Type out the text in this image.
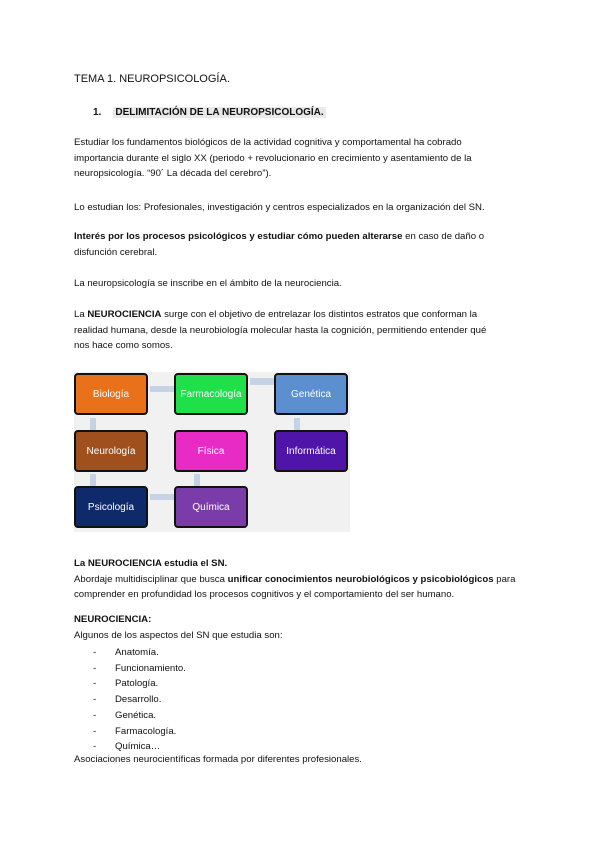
TEMA 1. NEUROPSICOLOGÍA.
1. DELIMITACIÓN DE LA NEUROPSICOLOGÍA.
Estudiar los fundamentos biológicos de la actividad cognitiva y comportamental ha cobrado
importancia durante el siglo XX (periodo + revolucionario en crecimiento y asentamiento de la
neuropsicología. “90´ La década del cerebro”).
Lo estudian los: Profesionales, investigación y centros especializados en la organización del SN.
Interés por los procesos psicológicos y estudiar cómo pueden alterarse en caso de daño o
disfunción cerebral.
La neuropsicología se inscribe en el ámbito de la neurociencia.
La NEUROCIENCIA surge con el objetivo de entrelazar los distintos estratos que conforman la
realidad humana, desde la neurobiología molecular hasta la cognición, permitiendo entender qué
nos hace como somos.
Biología	Farmacología	Genética
Neurología	Física	Informática
Psicología	Química
La NEUROCIENCIA estudia el SN.
Abordaje multidisciplinar que busca unificar conocimientos neurobiológicos y psicobiológicos para
comprender en profundidad los procesos cognitivos y el comportamiento del ser humano.
NEUROCIENCIA:
Algunos de los aspectos del SN que estudia son:
- Anatomía.
- Funcionamiento.
- Patología.
- Desarrollo.
- Genética.
- Farmacología.
- Química…
Asociaciones neurocientíficas formada por diferentes profesionales.
